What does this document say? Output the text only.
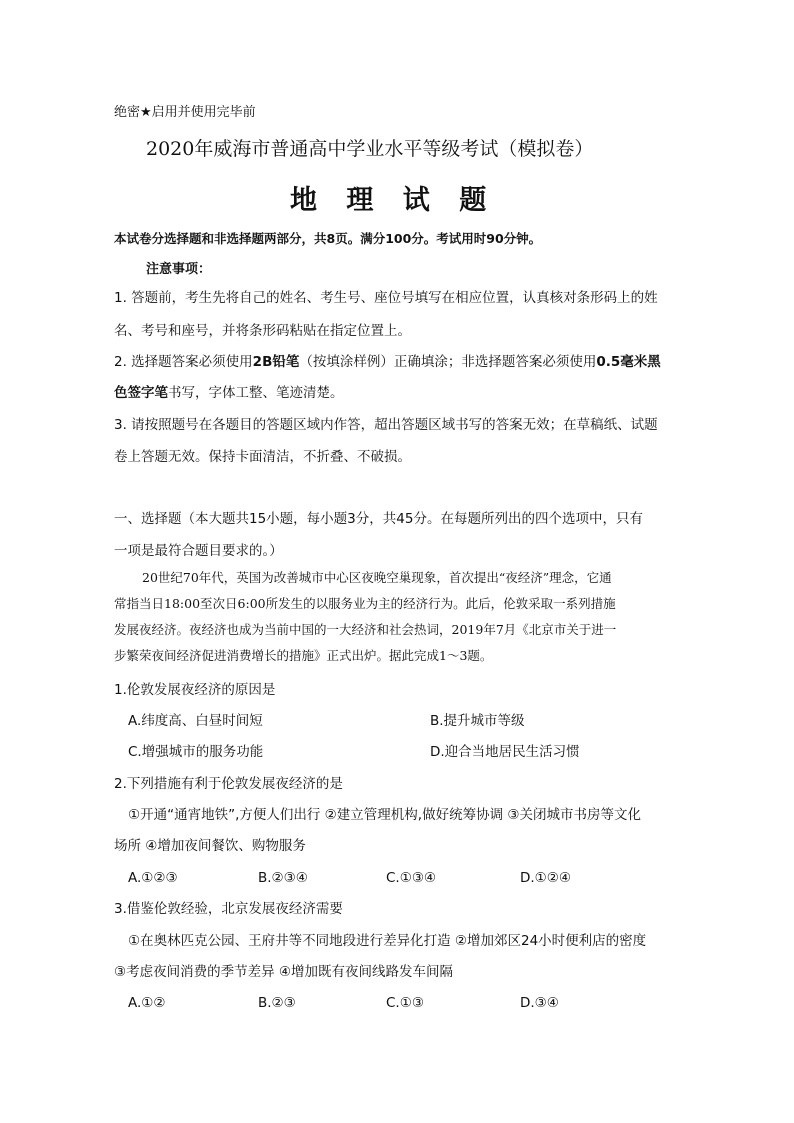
绝密★启用并使用完毕前
2020年威海市普通高中学业水平等级考试（模拟卷）
地 理 试 题
本试卷分选择题和非选择题两部分，共8页。满分100分。考试用时90分钟。
注意事项：
1. 答题前，考生先将自己的姓名、考生号、座位号填写在相应位置，认真核对条形码上的姓
名、考号和座号，并将条形码粘贴在指定位置上。
2. 选择题答案必须使用2B铅笔（按填涂样例）正确填涂；非选择题答案必须使用0.5毫米黑
色签字笔书写，字体工整、笔迹清楚。
3. 请按照题号在各题目的答题区域内作答，超出答题区域书写的答案无效；在草稿纸、试题
卷上答题无效。保持卡面清洁，不折叠、不破损。
一、选择题（本大题共15小题，每小题3分，共45分。在每题所列出的四个选项中，只有
一项是最符合题目要求的。）
20世纪70年代，英国为改善城市中心区夜晚空巢现象，首次提出“夜经济”理念，它通
常指当日18:00至次日6:00所发生的以服务业为主的经济行为。此后，伦敦采取一系列措施
发展夜经济。夜经济也成为当前中国的一大经济和社会热词，2019年7月《北京市关于进一
步繁荣夜间经济促进消费增长的措施》正式出炉。据此完成1～3题。
1.伦敦发展夜经济的原因是
A.纬度高、白昼时间短	B.提升城市等级
C.增强城市的服务功能	D.迎合当地居民生活习惯
2.下列措施有利于伦敦发展夜经济的是
①开通“通宵地铁”,方便人们出行 ②建立管理机构,做好统筹协调 ③关闭城市书房等文化
场所 ④增加夜间餐饮、购物服务
A.①②③	B.②③④	C.①③④	D.①②④
3.借鉴伦敦经验，北京发展夜经济需要
①在奥林匹克公园、王府井等不同地段进行差异化打造 ②增加郊区24小时便利店的密度
③考虑夜间消费的季节差异 ④增加既有夜间线路发车间隔
A.①②	B.②③	C.①③	D.③④
